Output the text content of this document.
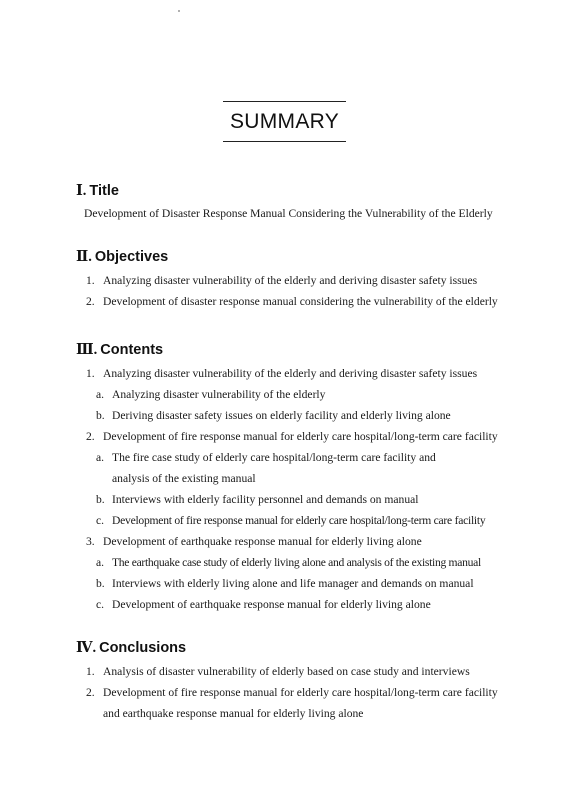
SUMMARY
Ⅰ. Title
Development of Disaster Response Manual Considering the Vulnerability of the Elderly
Ⅱ. Objectives
1. Analyzing disaster vulnerability of the elderly and deriving disaster safety issues
2. Development of disaster response manual considering the vulnerability of the elderly
Ⅲ. Contents
1. Analyzing disaster vulnerability of the elderly and deriving disaster safety issues
a. Analyzing disaster vulnerability of the elderly
b. Deriving disaster safety issues on elderly facility and elderly living alone
2. Development of fire response manual for elderly care hospital/long-term care facility
a. The fire case study of elderly care hospital/long-term care facility and
analysis of the existing manual
b. Interviews with elderly facility personnel and demands on manual
c. Development of fire response manual for elderly care hospital/long-term care facility
3. Development of earthquake response manual for elderly living alone
a. The earthquake case study of elderly living alone and analysis of the existing manual
b. Interviews with elderly living alone and life manager and demands on manual
c. Development of earthquake response manual for elderly living alone
Ⅳ. Conclusions
1. Analysis of disaster vulnerability of elderly based on case study and interviews
2. Development of fire response manual for elderly care hospital/long-term care facility
and earthquake response manual for elderly living alone
